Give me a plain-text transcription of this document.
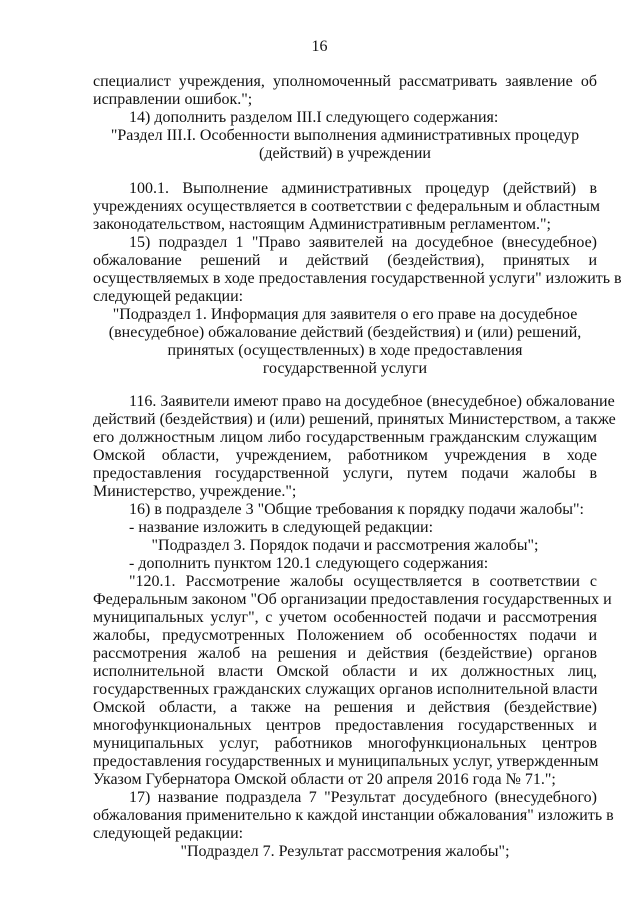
16
специалист учреждения, уполномоченный рассматривать заявление об
исправлении ошибок.";
14) дополнить разделом III.I следующего содержания:
"Раздел III.I. Особенности выполнения административных процедур
(действий) в учреждении
100.1. Выполнение административных процедур (действий) в
учреждениях осуществляется в соответствии с федеральным и областным
законодательством, настоящим Административным регламентом.";
15) подраздел 1 "Право заявителей на досудебное (внесудебное)
обжалование решений и действий (бездействия), принятых и
осуществляемых в ходе предоставления государственной услуги" изложить в
следующей редакции:
"Подраздел 1. Информация для заявителя о его праве на досудебное
(внесудебное) обжалование действий (бездействия) и (или) решений,
принятых (осуществленных) в ходе предоставления
государственной услуги
116. Заявители имеют право на досудебное (внесудебное) обжалование
действий (бездействия) и (или) решений, принятых Министерством, а также
его должностным лицом либо государственным гражданским служащим
Омской области, учреждением, работником учреждения в ходе
предоставления государственной услуги, путем подачи жалобы в
Министерство, учреждение.";
16) в подразделе 3 "Общие требования к порядку подачи жалобы":
- название изложить в следующей редакции:
"Подраздел 3. Порядок подачи и рассмотрения жалобы";
- дополнить пунктом 120.1 следующего содержания:
"120.1. Рассмотрение жалобы осуществляется в соответствии с
Федеральным законом "Об организации предоставления государственных и
муниципальных услуг", с учетом особенностей подачи и рассмотрения
жалобы, предусмотренных Положением об особенностях подачи и
рассмотрения жалоб на решения и действия (бездействие) органов
исполнительной власти Омской области и их должностных лиц,
государственных гражданских служащих органов исполнительной власти
Омской области, а также на решения и действия (бездействие)
многофункциональных центров предоставления государственных и
муниципальных услуг, работников многофункциональных центров
предоставления государственных и муниципальных услуг, утвержденным
Указом Губернатора Омской области от 20 апреля 2016 года № 71.";
17) название подраздела 7 "Результат досудебного (внесудебного)
обжалования применительно к каждой инстанции обжалования" изложить в
следующей редакции:
"Подраздел 7. Результат рассмотрения жалобы";
